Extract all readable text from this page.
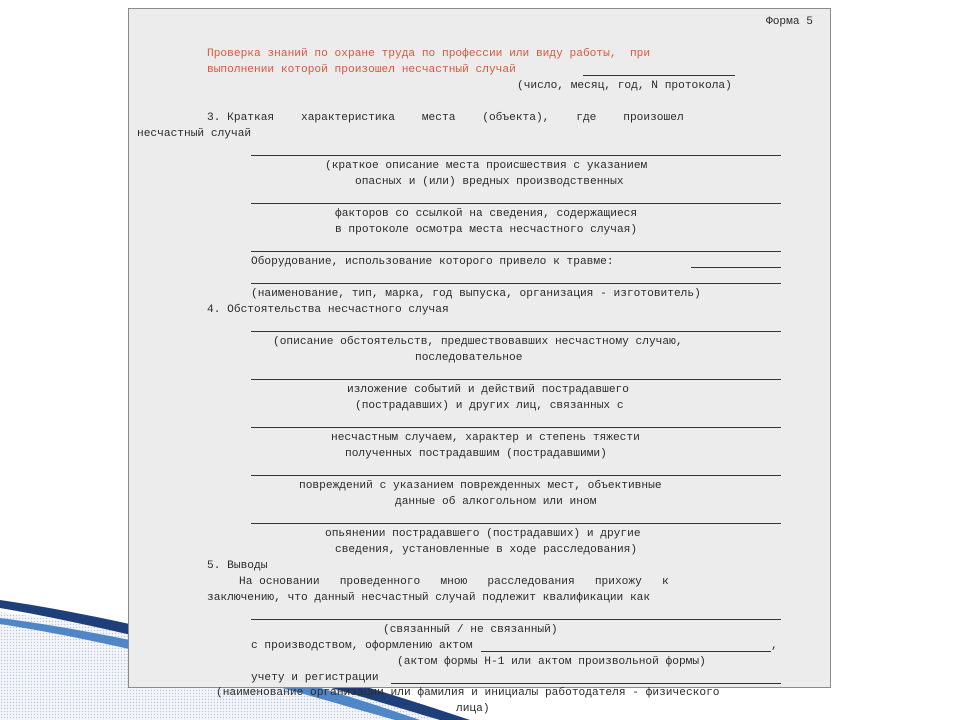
Форма 5
Проверка знаний по охране труда по профессии или виду работы,  при
выполнении которой произошел несчастный случай
(число, месяц, год, N протокола)
3. Краткая    характеристика    места    (объекта),    где    произошел
несчастный случай
(краткое описание места происшествия с указанием
опасных и (или) вредных производственных
факторов со ссылкой на сведения, содержащиеся
в протоколе осмотра места несчастного случая)
Оборудование, использование которого привело к травме:
(наименование, тип, марка, год выпуска, организация - изготовитель)
4. Обстоятельства несчастного случая
(описание обстоятельств, предшествовавших несчастному случаю,
последовательное
изложение событий и действий пострадавшего
(пострадавших) и других лиц, связанных с
несчастным случаем, характер и степень тяжести
полученных пострадавшим (пострадавшими)
повреждений с указанием поврежденных мест, объективные
данные об алкогольном или ином
опьянении пострадавшего (пострадавших) и другие
сведения, установленные в ходе расследования)
5. Выводы
На основании   проведенного   мною   расследования   прихожу   к
заключению, что данный несчастный случай подлежит квалификации как
(связанный / не связанный)
с производством, оформлению актом	,
(актом формы Н-1 или актом произвольной формы)
учету и регистрации
(наименование организации или фамилия и инициалы работодателя - физического
лица)
